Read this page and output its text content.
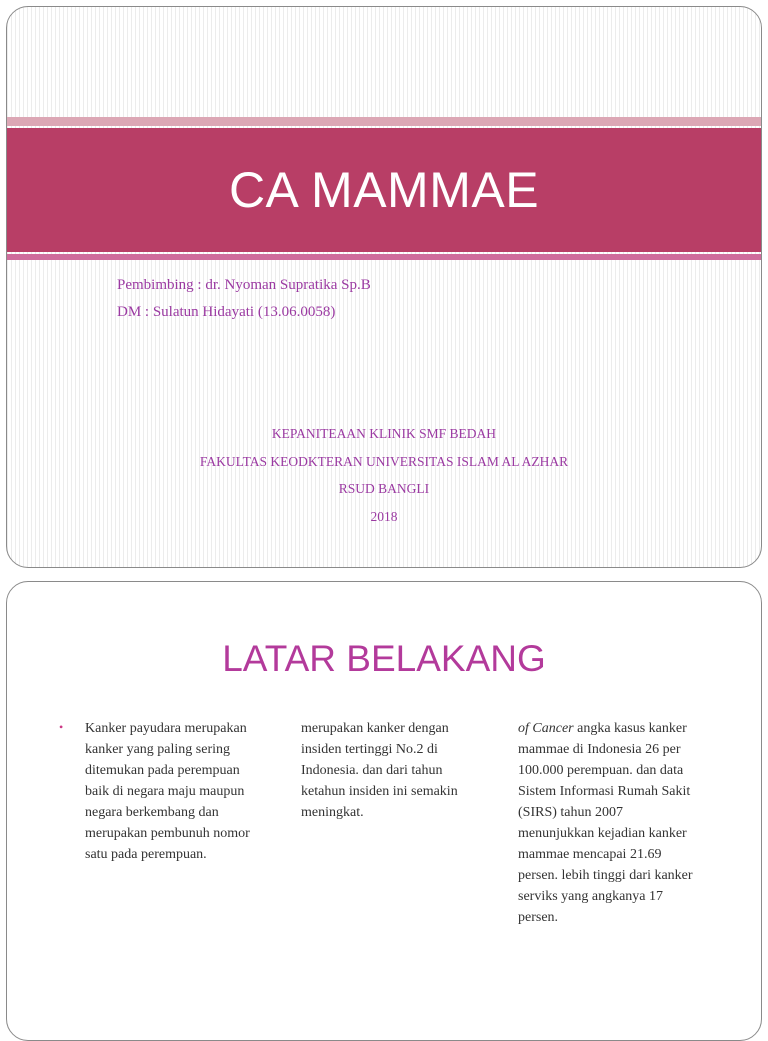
CA MAMMAE
Pembimbing : dr. Nyoman Supratika Sp.B
DM : Sulatun Hidayati (13.06.0058)
KEPANITEAAN KLINIK SMF BEDAH
FAKULTAS KEODKTERAN UNIVERSITAS ISLAM AL AZHAR
RSUD BANGLI
2018
LATAR BELAKANG
• Kanker payudara merupakan
kanker yang paling sering
ditemukan pada perempuan
baik di negara maju maupun
negara berkembang dan
merupakan pembunuh nomor
satu pada perempuan.
merupakan kanker dengan
insiden tertinggi No.2 di
Indonesia. dan dari tahun
ketahun insiden ini semakin
meningkat.
of Cancer angka kasus kanker
mammae di Indonesia 26 per
100.000 perempuan. dan data
Sistem Informasi Rumah Sakit
(SIRS) tahun 2007
menunjukkan kejadian kanker
mammae mencapai 21.69
persen. lebih tinggi dari kanker
serviks yang angkanya 17
persen.
